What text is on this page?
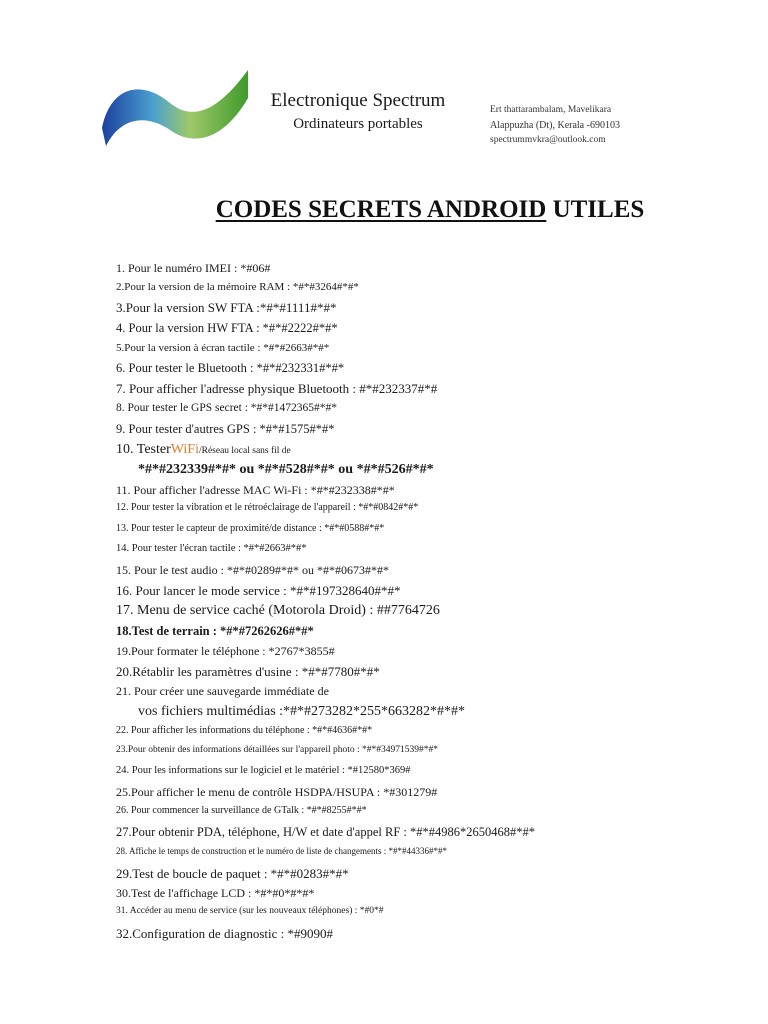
Electronique Spectrum
Ordinateurs portables
Ert thattarambalam, Mavelikara
Alappuzha (Dt), Kerala -690103
spectrummvkra@outlook.com
CODES SECRETS ANDROID UTILES
1. Pour le numéro IMEI : *#06#
2.Pour la version de la mémoire RAM : *#*#3264#*#*
3.Pour la version SW FTA :*#*#1111#*#*
4. Pour la version HW FTA : *#*#2222#*#*
5.Pour la version à écran tactile : *#*#2663#*#*
6. Pour tester le Bluetooth : *#*#232331#*#*
7. Pour afficher l'adresse physique Bluetooth : #*#232337#*#
8. Pour tester le GPS secret : *#*#1472365#*#*
9. Pour tester d'autres GPS : *#*#1575#*#*
10. TesterWiFi/Réseau local sans fil de
*#*#232339#*#* ou *#*#528#*#* ou *#*#526#*#*
11. Pour afficher l'adresse MAC Wi-Fi : *#*#232338#*#*
12. Pour tester la vibration et le rétroéclairage de l'appareil : *#*#0842#*#*
13. Pour tester le capteur de proximité/de distance : *#*#0588#*#*
14. Pour tester l'écran tactile : *#*#2663#*#*
15. Pour le test audio : *#*#0289#*#* ou *#*#0673#*#*
16. Pour lancer le mode service : *#*#197328640#*#*
17. Menu de service caché (Motorola Droid) : ##7764726
18.Test de terrain : *#*#7262626#*#*
19.Pour formater le téléphone : *2767*3855#
20.Rétablir les paramètres d'usine : *#*#7780#*#*
21. Pour créer une sauvegarde immédiate de
vos fichiers multimédias :*#*#273282*255*663282*#*#*
22. Pour afficher les informations du téléphone : *#*#4636#*#*
23.Pour obtenir des informations détaillées sur l'appareil photo : *#*#34971539#*#*
24. Pour les informations sur le logiciel et le matériel : *#12580*369#
25.Pour afficher le menu de contrôle HSDPA/HSUPA : *#301279#
26. Pour commencer la surveillance de GTalk : *#*#8255#*#*
27.Pour obtenir PDA, téléphone, H/W et date d'appel RF : *#*#4986*2650468#*#*
28. Affiche le temps de construction et le numéro de liste de changements : *#*#44336#*#*
29.Test de boucle de paquet : *#*#0283#*#*
30.Test de l'affichage LCD : *#*#0*#*#*
31. Accéder au menu de service (sur les nouveaux téléphones) : *#0*#
32.Configuration de diagnostic : *#9090#
